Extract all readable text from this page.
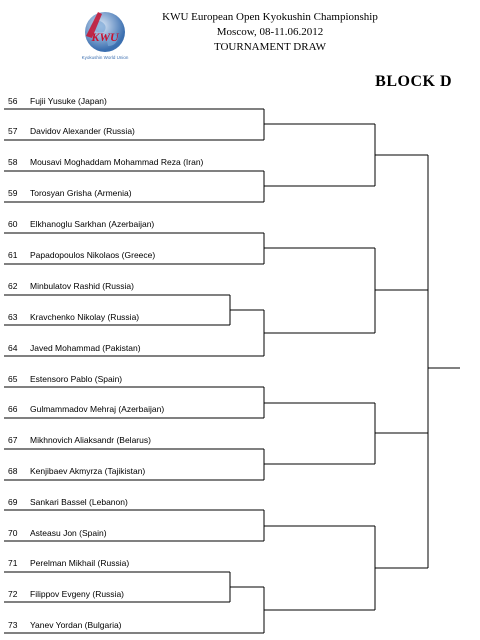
KWU European Open Kyokushin Championship
Moscow, 08-11.06.2012
TOURNAMENT DRAW
KWU
Kyokushin World Union
BLOCK D
56 Fujii Yusuke (Japan)
57 Davidov Alexander (Russia)
58 Mousavi Moghaddam Mohammad Reza (Iran)
59 Torosyan Grisha (Armenia)
60 Elkhanoglu Sarkhan (Azerbaijan)
61 Papadopoulos Nikolaos (Greece)
62 Minbulatov Rashid (Russia)
63 Kravchenko Nikolay (Russia)
64 Javed Mohammad (Pakistan)
65 Estensoro Pablo (Spain)
66 Gulmammadov Mehraj (Azerbaijan)
67 Mikhnovich Aliaksandr (Belarus)
68 Kenjibaev Akmyrza (Tajikistan)
69 Sankari Bassel (Lebanon)
70 Asteasu Jon (Spain)
71 Perelman Mikhail (Russia)
72 Filippov Evgeny (Russia)
73 Yanev Yordan (Bulgaria)
